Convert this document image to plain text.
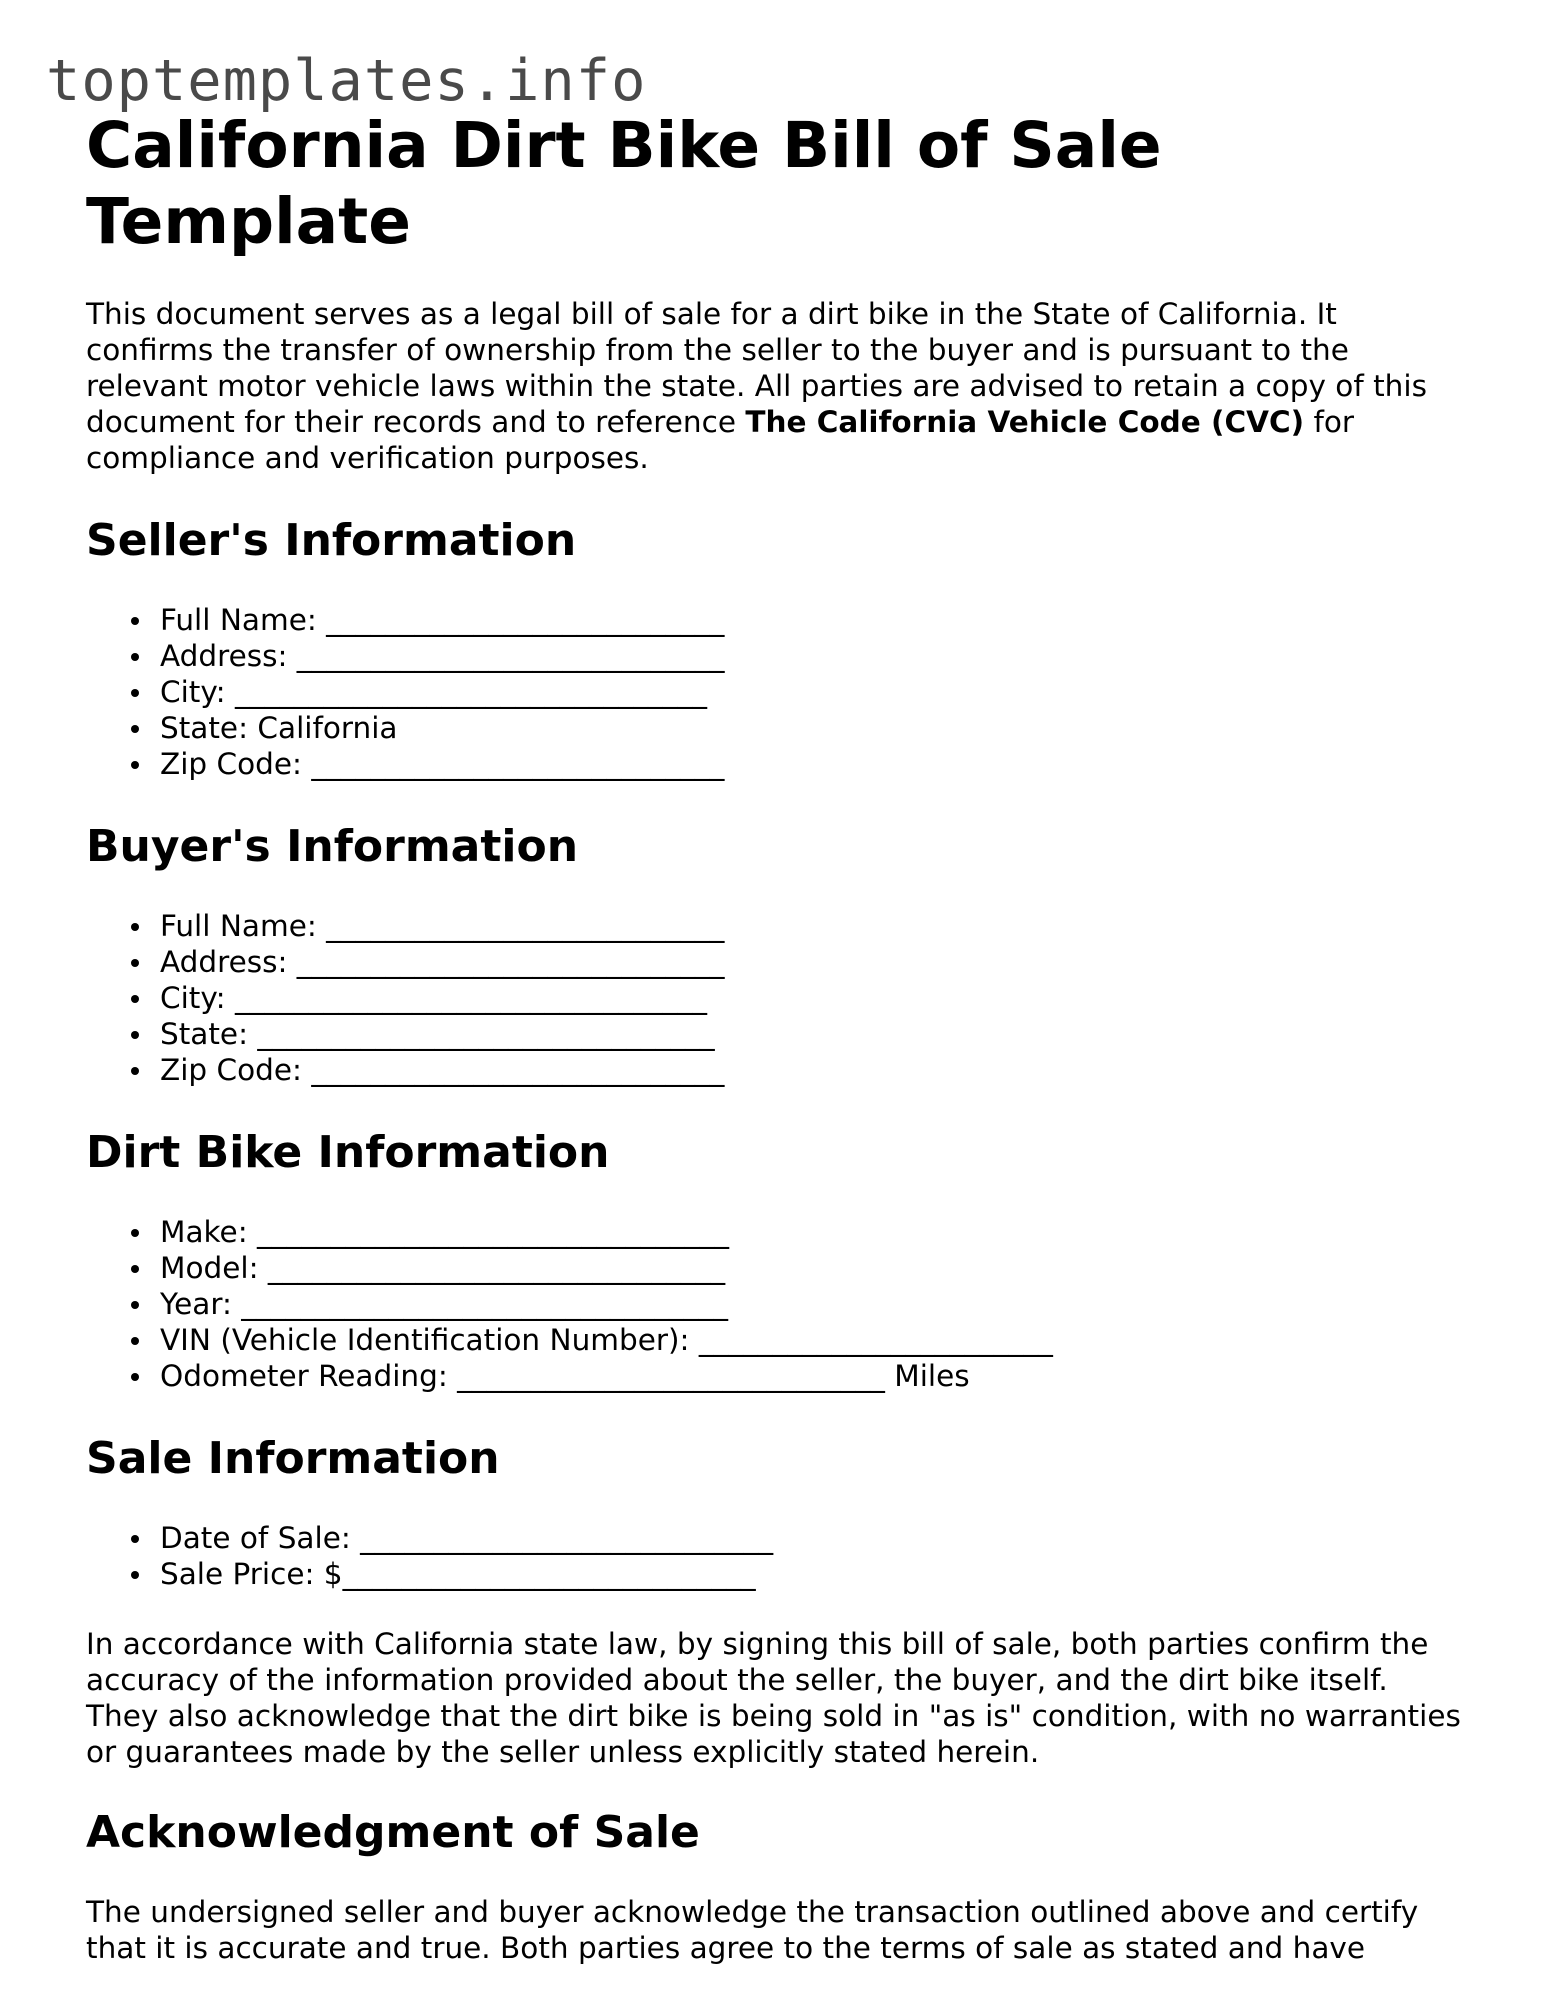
toptemplates.info
California Dirt Bike Bill of Sale Template

This document serves as a legal bill of sale for a dirt bike in the State of California. It confirms the transfer of ownership from the seller to the buyer and is pursuant to the relevant motor vehicle laws within the state. All parties are advised to retain a copy of this document for their records and to reference The California Vehicle Code (CVC) for compliance and verification purposes.

Seller's Information
Full Name: ___________________________
Address: _____________________________
City: ________________________________
State: California
Zip Code: ____________________________
Buyer's Information
Full Name: ___________________________
Address: _____________________________
City: ________________________________
State: _______________________________
Zip Code: ____________________________
Dirt Bike Information
Make: ________________________________
Model: _______________________________
Year: _________________________________
VIN (Vehicle Identification Number): ________________________
Odometer Reading: _____________________________ Miles
Sale Information
Date of Sale: ____________________________
Sale Price: $____________________________

In accordance with California state law, by signing this bill of sale, both parties confirm the accuracy of the information provided about the seller, the buyer, and the dirt bike itself. They also acknowledge that the dirt bike is being sold in "as is" condition, with no warranties or guarantees made by the seller unless explicitly stated herein.

Acknowledgment of Sale

The undersigned seller and buyer acknowledge the transaction outlined above and certify that it is accurate and true. Both parties agree to the terms of sale as stated and have
